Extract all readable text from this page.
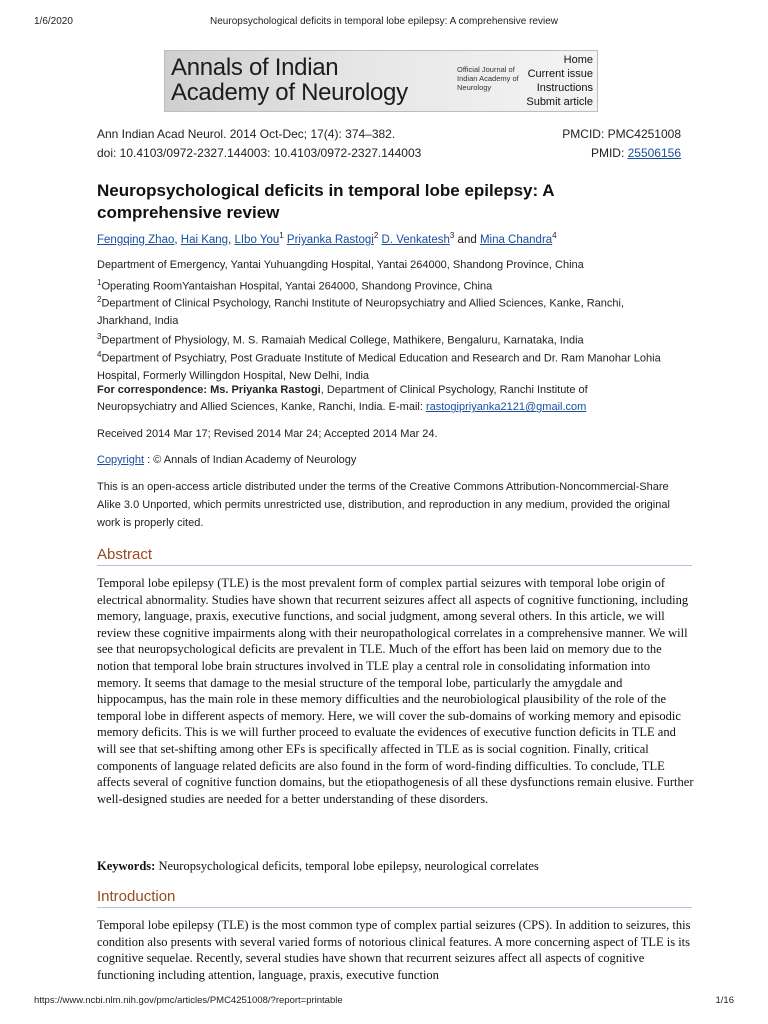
1/6/2020	Neuropsychological deficits in temporal lobe epilepsy: A comprehensive review
Annals of Indian
Academy of Neurology
Official Journal of Indian Academy of Neurology
Home
Current issue
Instructions
Submit article
Ann Indian Acad Neurol. 2014 Oct-Dec; 17(4): 374–382.
doi: 10.4103/0972-2327.144003: 10.4103/0972-2327.144003
PMCID: PMC4251008
PMID: 25506156
Neuropsychological deficits in temporal lobe epilepsy: A comprehensive review
Fengqing Zhao, Hai Kang, LIbo You$^1$ Priyanka Rastogi$^2$ D. Venkatesh$^3$ and Mina Chandra$^4$
Department of Emergency, Yantai Yuhuangding Hospital, Yantai 264000, Shandong Province, China
$^1$Operating RoomYantaishan Hospital, Yantai 264000, Shandong Province, China
$^2$Department of Clinical Psychology, Ranchi Institute of Neuropsychiatry and Allied Sciences, Kanke, Ranchi, Jharkhand, India
$^3$Department of Physiology, M. S. Ramaiah Medical College, Mathikere, Bengaluru, Karnataka, India
$^4$Department of Psychiatry, Post Graduate Institute of Medical Education and Research and Dr. Ram Manohar Lohia Hospital, Formerly Willingdon Hospital, New Delhi, India
For correspondence: Ms. Priyanka Rastogi, Department of Clinical Psychology, Ranchi Institute of Neuropsychiatry and Allied Sciences, Kanke, Ranchi, India. E-mail: rastogipriyanka2121@gmail.com
Received 2014 Mar 17; Revised 2014 Mar 24; Accepted 2014 Mar 24.
Copyright : © Annals of Indian Academy of Neurology
This is an open-access article distributed under the terms of the Creative Commons Attribution-Noncommercial-Share Alike 3.0 Unported, which permits unrestricted use, distribution, and reproduction in any medium, provided the original work is properly cited.
Abstract
Temporal lobe epilepsy (TLE) is the most prevalent form of complex partial seizures with temporal lobe origin of electrical abnormality. Studies have shown that recurrent seizures affect all aspects of cognitive functioning, including memory, language, praxis, executive functions, and social judgment, among several others. In this article, we will review these cognitive impairments along with their neuropathological correlates in a comprehensive manner. We will see that neuropsychological deficits are prevalent in TLE. Much of the effort has been laid on memory due to the notion that temporal lobe brain structures involved in TLE play a central role in consolidating information into memory. It seems that damage to the mesial structure of the temporal lobe, particularly the amygdale and hippocampus, has the main role in these memory difficulties and the neurobiological plausibility of the role of the temporal lobe in different aspects of memory. Here, we will cover the sub-domains of working memory and episodic memory deficits. This is we will further proceed to evaluate the evidences of executive function deficits in TLE and will see that set-shifting among other EFs is specifically affected in TLE as is social cognition. Finally, critical components of language related deficits are also found in the form of word-finding difficulties. To conclude, TLE affects several of cognitive function domains, but the etiopathogenesis of all these dysfunctions remain elusive. Further well-designed studies are needed for a better understanding of these disorders.
Keywords: Neuropsychological deficits, temporal lobe epilepsy, neurological correlates
Introduction
Temporal lobe epilepsy (TLE) is the most common type of complex partial seizures (CPS). In addition to seizures, this condition also presents with several varied forms of notorious clinical features. A more concerning aspect of TLE is its cognitive sequelae. Recently, several studies have shown that recurrent seizures affect all aspects of cognitive functioning including attention, language, praxis, executive function
https://www.ncbi.nlm.nih.gov/pmc/articles/PMC4251008/?report=printable	1/16
